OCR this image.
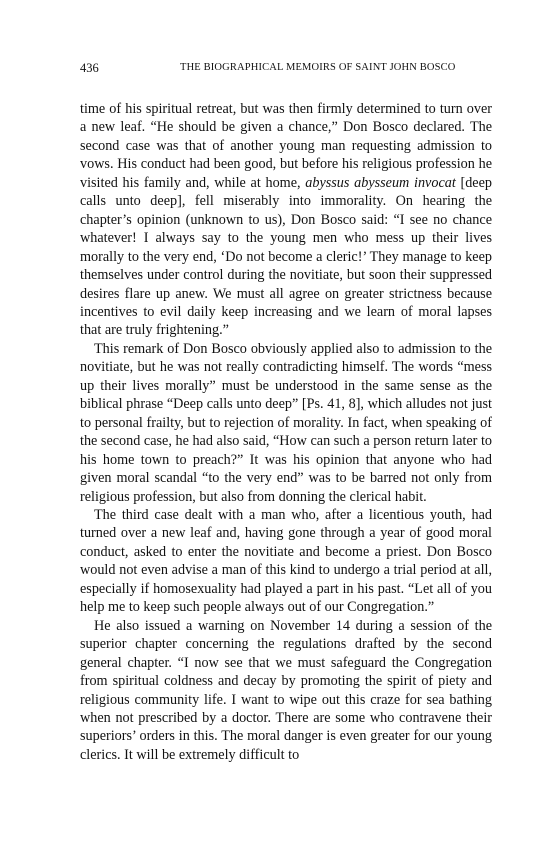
436	THE BIOGRAPHICAL MEMOIRS OF SAINT JOHN BOSCO

time of his spiritual retreat, but was then firmly determined to turn over a new leaf. “He should be given a chance,” Don Bosco declared. The second case was that of another young man requesting admission to vows. His conduct had been good, but before his religious profession he visited his family and, while at home, abyssus abysseum invocat [deep calls unto deep], fell miserably into immorality. On hearing the chapter’s opinion (unknown to us), Don Bosco said: “I see no chance whatever! I always say to the young men who mess up their lives morally to the very end, ‘Do not become a cleric!’ They manage to keep themselves under control during the novitiate, but soon their suppressed desires flare up anew. We must all agree on greater strictness because incentives to evil daily keep increasing and we learn of moral lapses that are truly frightening.”

This remark of Don Bosco obviously applied also to admission to the novitiate, but he was not really contradicting himself. The words “mess up their lives morally” must be understood in the same sense as the biblical phrase “Deep calls unto deep” [Ps. 41, 8], which alludes not just to personal frailty, but to rejection of morality. In fact, when speaking of the second case, he had also said, “How can such a person return later to his home town to preach?” It was his opinion that anyone who had given moral scandal “to the very end” was to be barred not only from religious profession, but also from donning the clerical habit.

The third case dealt with a man who, after a licentious youth, had turned over a new leaf and, having gone through a year of good moral conduct, asked to enter the novitiate and become a priest. Don Bosco would not even advise a man of this kind to undergo a trial period at all, especially if homosexuality had played a part in his past. “Let all of you help me to keep such people always out of our Congregation.”

He also issued a warning on November 14 during a session of the superior chapter concerning the regulations drafted by the second general chapter. “I now see that we must safeguard the Congregation from spiritual coldness and decay by promoting the spirit of piety and religious community life. I want to wipe out this craze for sea bathing when not prescribed by a doctor. There are some who contravene their superiors’ orders in this. The moral danger is even greater for our young clerics. It will be extremely difficult to
